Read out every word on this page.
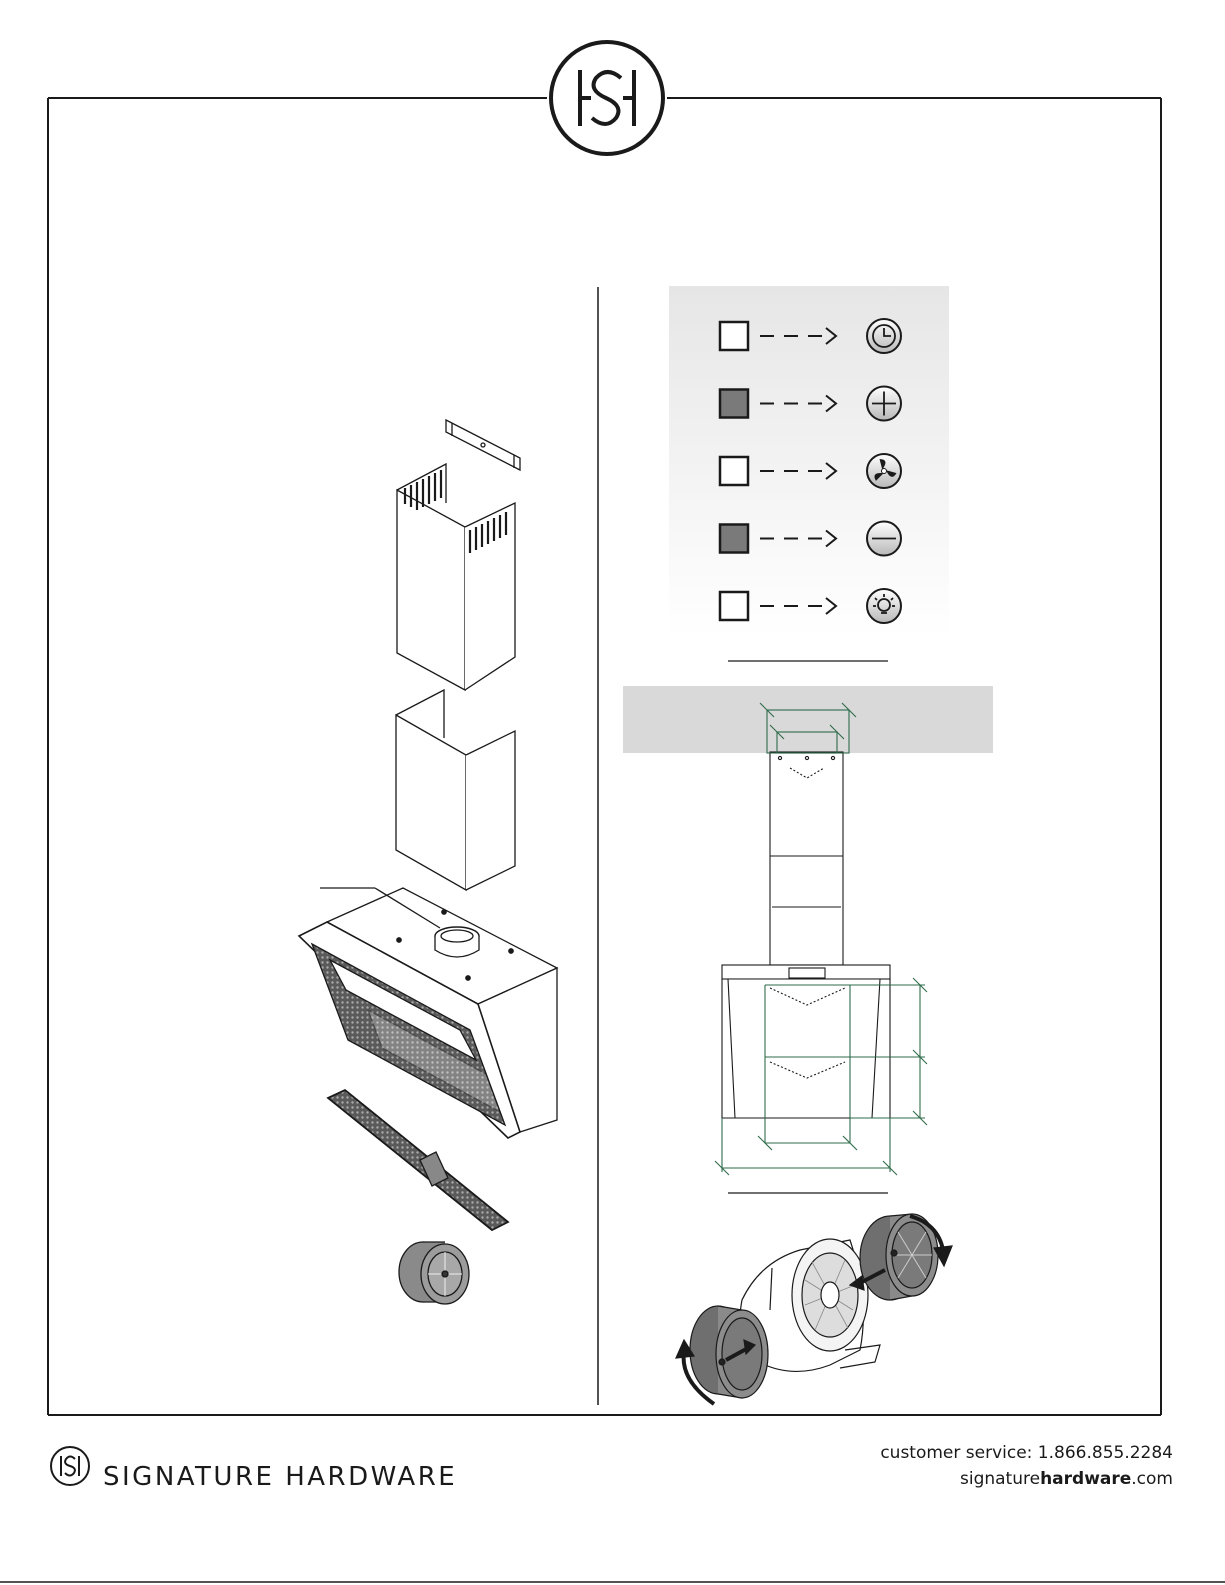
SIGNATURE HARDWARE
customer service: 1.866.855.2284
signaturehardware.com
